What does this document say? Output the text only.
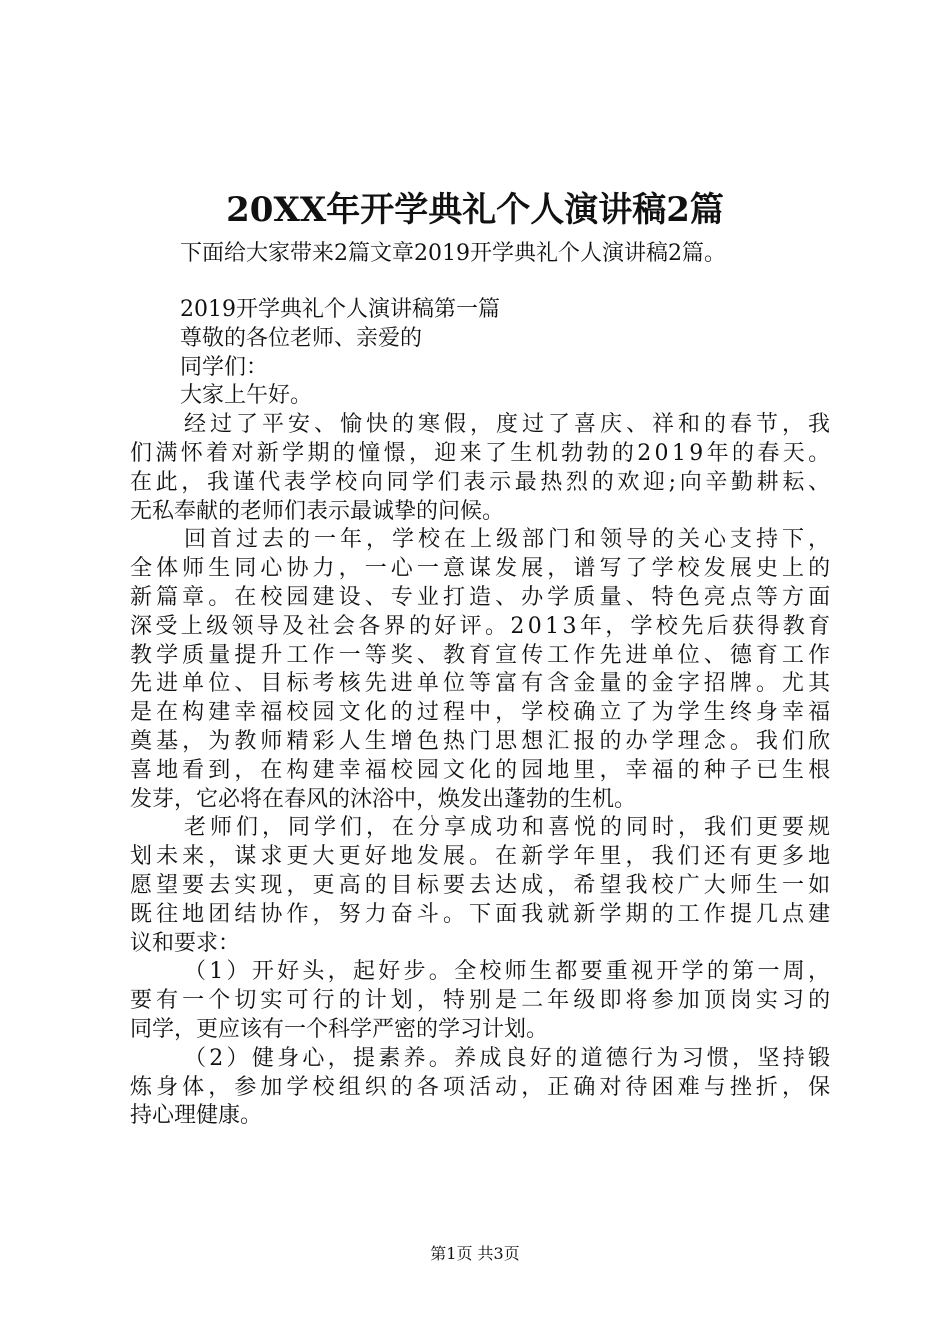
20XX年开学典礼个人演讲稿2篇
下面给大家带来2篇文章2019开学典礼个人演讲稿2篇。
2019开学典礼个人演讲稿第一篇
尊敬的各位老师、亲爱的
同学们：
大家上午好。
经过了平安、愉快的寒假，度过了喜庆、祥和的春节，我
们满怀着对新学期的憧憬，迎来了生机勃勃的2019年的春天。
在此，我谨代表学校向同学们表示最热烈的欢迎;向辛勤耕耘、
无私奉献的老师们表示最诚挚的问候。
回首过去的一年，学校在上级部门和领导的关心支持下，
全体师生同心协力，一心一意谋发展，谱写了学校发展史上的
新篇章。在校园建设、专业打造、办学质量、特色亮点等方面
深受上级领导及社会各界的好评。2013年，学校先后获得教育
教学质量提升工作一等奖、教育宣传工作先进单位、德育工作
先进单位、目标考核先进单位等富有含金量的金字招牌。尤其
是在构建幸福校园文化的过程中，学校确立了为学生终身幸福
奠基，为教师精彩人生增色热门思想汇报的办学理念。我们欣
喜地看到，在构建幸福校园文化的园地里，幸福的种子已生根
发芽，它必将在春风的沐浴中，焕发出蓬勃的生机。
老师们，同学们，在分享成功和喜悦的同时，我们更要规
划未来，谋求更大更好地发展。在新学年里，我们还有更多地
愿望要去实现，更高的目标要去达成，希望我校广大师生一如
既往地团结协作，努力奋斗。下面我就新学期的工作提几点建
议和要求：
（1）开好头，起好步。全校师生都要重视开学的第一周，
要有一个切实可行的计划，特别是二年级即将参加顶岗实习的
同学，更应该有一个科学严密的学习计划。
（2）健身心，提素养。养成良好的道德行为习惯，坚持锻
炼身体，参加学校组织的各项活动，正确对待困难与挫折，保
持心理健康。
第1页 共3页
